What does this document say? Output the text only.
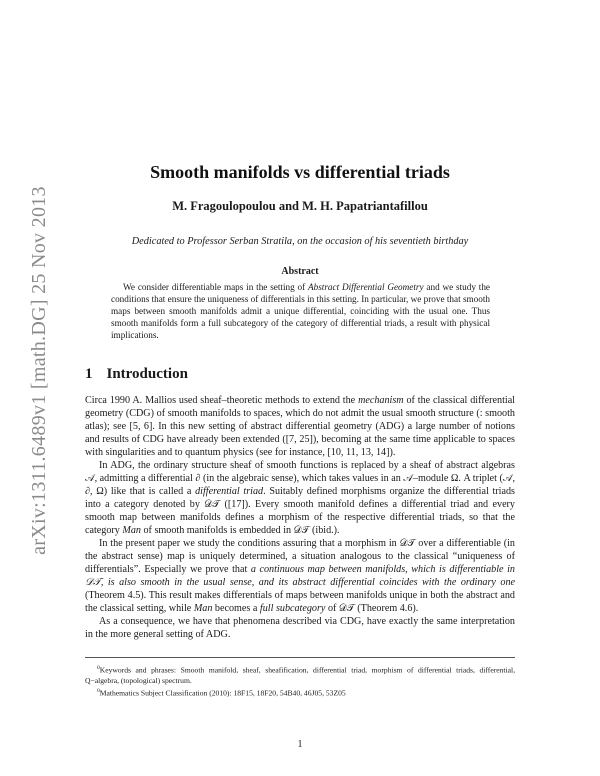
arXiv:1311.6489v1 [math.DG] 25 Nov 2013
Smooth manifolds vs differential triads
M. Fragoulopoulou and M. H. Papatriantafillou
Dedicated to Professor Serban Stratila, on the occasion of his seventieth birthday
Abstract

We consider differentiable maps in the setting of Abstract Differential Geometry and we study the conditions that ensure the uniqueness of differentials in this setting. In particular, we prove that smooth maps between smooth manifolds admit a unique differential, coinciding with the usual one. Thus smooth manifolds form a full subcategory of the category of differential triads, a result with physical implications.

1 Introduction

Circa 1990 A. Mallios used sheaf–theoretic methods to extend the mechanism of the classical differential geometry (CDG) of smooth manifolds to spaces, which do not admit the usual smooth structure (: smooth atlas); see [5, 6]. In this new setting of abstract differential geometry (ADG) a large number of notions and results of CDG have already been extended ([7, 25]), becoming at the same time applicable to spaces with singularities and to quantum physics (see for instance, [10, 11, 13, 14]).

In ADG, the ordinary structure sheaf of smooth functions is replaced by a sheaf of abstract algebras 𝒜, admitting a differential ∂ (in the algebraic sense), which takes values in an 𝒜–module Ω. A triplet (𝒜, ∂, Ω) like that is called a differential triad. Suitably defined morphisms organize the differential triads into a category denoted by 𝒟𝒯 ([17]). Every smooth manifold defines a differential triad and every smooth map between manifolds defines a morphism of the respective differential triads, so that the category Man of smooth manifolds is embedded in 𝒟𝒯 (ibid.).

In the present paper we study the conditions assuring that a morphism in 𝒟𝒯 over a differentiable (in the abstract sense) map is uniquely determined, a situation analogous to the classical “uniqueness of differentials”. Especially we prove that a continuous map between manifolds, which is differentiable in 𝒟𝒯, is also smooth in the usual sense, and its abstract differential coincides with the ordinary one (Theorem 4.5). This result makes differentials of maps between manifolds unique in both the abstract and the classical setting, while Man becomes a full subcategory of 𝒟𝒯 (Theorem 4.6).

As a consequence, we have that phenomena described via CDG, have exactly the same interpretation in the more general setting of ADG.

$^0$Keywords and phrases: Smooth manifold, sheaf, sheafification, differential triad, morphism of differential triads, differential, Q−algebra, (topological) spectrum.

$^0$Mathematics Subject Classification (2010): 18F15, 18F20, 54B40, 46J05, 53Z05

1
